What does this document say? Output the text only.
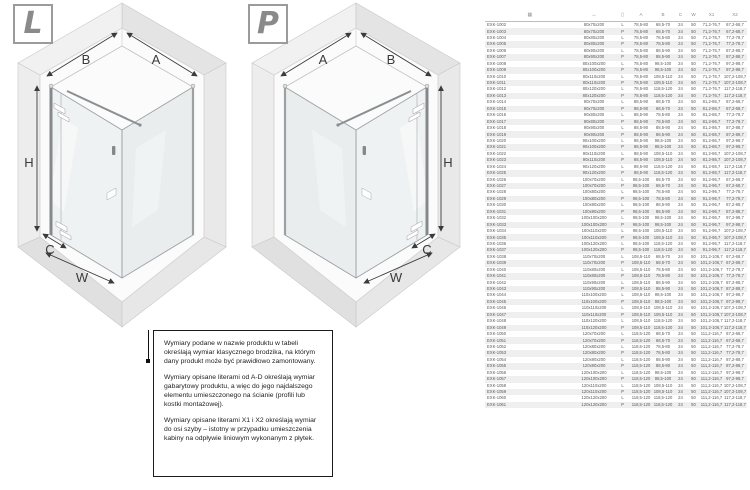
L
B	A
H
C
W
P
A	B
H
C
W

Wymiary podane w nazwie produktu w tabeli określają wymiar klasycznego brodzika, na którym dany produkt może być prawidłowo zamontowany.

Wymiary opisane literami od A-D określają wymiar gabarytowy produktu, a więc do jego najdalszego elementu umieszczonego na ścianie (profili lub kostki montażowej).

Wymiary opisane literami X1 i X2 określają wymiar do osi szyby – istotny w przypadku umieszczenia kabiny na odpływie liniowym wykonanym z płytek.

▦	↔	▯	A	B	C	W	X1	X2
EXK-1002	80x70x200	L	78,5-80	68,5-70	24	50	71,2-76,7	67,2-68,7
EXK-1003	80x70x200	P	78,5-80	68,5-70	24	50	71,2-76,7	67,2-68,7
EXK-1004	80x80x200	L	78,5-80	78,5-80	24	50	71,2-76,7	77,2-78,7
EXK-1005	80x80x200	P	78,5-80	78,5-80	24	50	71,2-76,7	77,2-78,7
EXK-1006	80x90x200	L	78,5-80	88,5-90	24	50	71,2-76,7	87,2-88,7
EXK-1007	80x90x200	P	78,5-80	88,5-90	24	50	71,2-76,7	87,2-88,7
EXK-1008	80x100x200	L	78,5-80	98,5-100	24	50	71,2-76,7	97,2-98,7
EXK-1009	80x100x200	P	78,5-80	98,5-100	24	50	71,2-76,7	97,2-98,7
EXK-1010	80x110x200	L	78,5-80	108,5-110	24	50	71,2-76,7 107,2-108,7
EXK-1011	80x110x200	P	78,5-80	108,5-110	24	50	71,2-76,7 107,2-108,7
EXK-1012	80x120x200	L	78,5-80	118,5-120	24	50	71,2-76,7 117,2-118,7
EXK-1013	80x120x200	P	78,5-80	118,5-120	24	50	71,2-76,7 117,2-118,7
EXK-1014	90x70x200	L	88,5-90	68,5-70	24	50	81,2-86,7	67,2-68,7
EXK-1015	90x70x200	P	88,5-90	68,5-70	24	50	81,2-86,7	67,2-68,7
EXK-1016	90x80x200	L	88,5-90	78,5-80	24	50	81,2-86,7	77,2-78,7
EXK-1017	90x80x200	P	88,5-90	78,5-80	24	50	81,2-86,7	77,2-78,7
EXK-1018	90x90x200	L	88,5-90	88,5-90	24	50	81,2-86,7	87,2-88,7
EXK-1019	90x90x200	P	88,5-90	88,5-90	24	50	81,2-86,7	87,2-88,7
EXK-1020	90x100x200	L	88,5-90	98,5-100	24	50	81,2-86,7	97,2-98,7
EXK-1021	90x100x200	P	88,5-90	98,5-100	24	50	81,2-86,7	97,2-98,7
EXK-1022	90x110x200	L	88,5-90	108,5-110	24	50	81,2-86,7 107,2-108,7
EXK-1023	90x110x200	P	88,5-90	108,5-110	24	50	81,2-86,7 107,2-108,7
EXK-1024	90x120x200	L	88,5-90	118,5-120	24	50	81,2-86,7 117,2-118,7
EXK-1025	90x120x200	P	88,5-90	118,5-120	24	50	81,2-86,7 117,2-118,7
EXK-1026	100x70x200	L	98,5-100	68,5-70	24	50	91,2-96,7	67,2-68,7
EXK-1027	100x70x200	P	98,5-100	68,5-70	24	50	91,2-96,7	67,2-68,7
EXK-1028	100x80x200	L	98,5-100	78,5-80	24	50	91,2-96,7	77,2-78,7
EXK-1029	100x80x200	P	98,5-100	78,5-80	24	50	91,2-96,7	77,2-78,7
EXK-1030	100x90x200	L	98,5-100	88,5-90	24	50	91,2-96,7	87,2-88,7
EXK-1031	100x90x200	P	98,5-100	88,5-90	24	50	91,2-96,7	87,2-88,7
EXK-1032	100x100x200	L	98,5-100	98,5-100	24	50	91,2-96,7	97,2-98,7
EXK-1033	100x100x200	P	98,5-100	98,5-100	24	50	91,2-96,7	97,2-98,7
EXK-1034	100x110x200	L	98,5-100	108,5-110	24	50	91,2-96,7 107,2-108,7
EXK-1035	100x110x200	P	98,5-100	108,5-110	24	50	91,2-96,7 107,2-108,7
EXK-1036	100x120x200	L	98,5-100	118,5-120	24	50	91,2-96,7 117,2-118,7
EXK-1037	100x120x200	P	98,5-100	118,5-120	24	50	91,2-96,7 117,2-118,7
EXK-1038	110x70x200	L	108,5-110	68,5-70	24	50	101,2-106,7 67,2-68,7
EXK-1039	110x70x200	P	108,5-110	68,5-70	24	50	101,2-106,7 67,2-68,7
EXK-1040	110x80x200	L	108,5-110	78,5-80	24	50	101,2-106,7 77,2-78,7
EXK-1041	110x80x200	P	108,5-110	78,5-80	24	50	101,2-106,7 77,2-78,7
EXK-1042	110x90x200	L	108,5-110	88,5-90	24	50	101,2-106,7 87,2-88,7
EXK-1043	110x90x200	P	108,5-110	88,5-90	24	50	101,2-106,7 87,2-88,7
EXK-1044	110x100x200	L	108,5-110	98,5-100	24	50	101,2-106,7 97,2-98,7
EXK-1045	110x100x200	P	108,5-110	98,5-100	24	50	101,2-106,7 97,2-98,7
EXK-1046	110x110x200	L	108,5-110 108,5-110	24	50	101,2-106,7 107,2-108,7
EXK-1047	110x110x200	P	108,5-110 108,5-110	24	50	101,2-106,7 107,2-108,7
EXK-1048	110x120x200	L	108,5-110 118,5-120	24	50	101,2-106,7 117,2-118,7
EXK-1049	110x120x200	P	108,5-110 118,5-120	24	50	101,2-106,7 117,2-118,7
EXK-1050	120x70x200	L	118,5-120	68,5-70	24	50	111,2-116,7 67,2-68,7
EXK-1051	120x70x200	P	118,5-120	68,5-70	24	50	111,2-116,7 67,2-68,7
EXK-1052	120x80x200	L	118,5-120	78,5-80	24	50	111,2-116,7 77,2-78,7
EXK-1053	120x80x200	P	118,5-120	78,5-80	24	50	111,2-116,7 77,2-78,7
EXK-1054	120x90x200	L	118,5-120	88,5-90	24	50	111,2-116,7 87,2-88,7
EXK-1055	120x90x200	P	118,5-120	88,5-90	24	50	111,2-116,7 87,2-88,7
EXK-1056	120x100x200	L	118,5-120	98,5-100	24	50	111,2-116,7 97,2-98,7
EXK-1057	120x100x200	P	118,5-120	98,5-100	24	50	111,2-116,7 97,2-98,7
EXK-1058	120x110x200	L	118,5-120 108,5-110	24	50	111,2-116,7 107,2-108,7
EXK-1059	120x110x200	P	118,5-120 108,5-110	24	50	111,2-116,7 107,2-108,7
EXK-1060	120x120x200	L	118,5-120 118,5-120	24	50	111,2-116,7 117,2-118,7
EXK-1061	120x120x200	P	118,5-120 118,5-120	24	50	111,2-116,7 117,2-118,7
